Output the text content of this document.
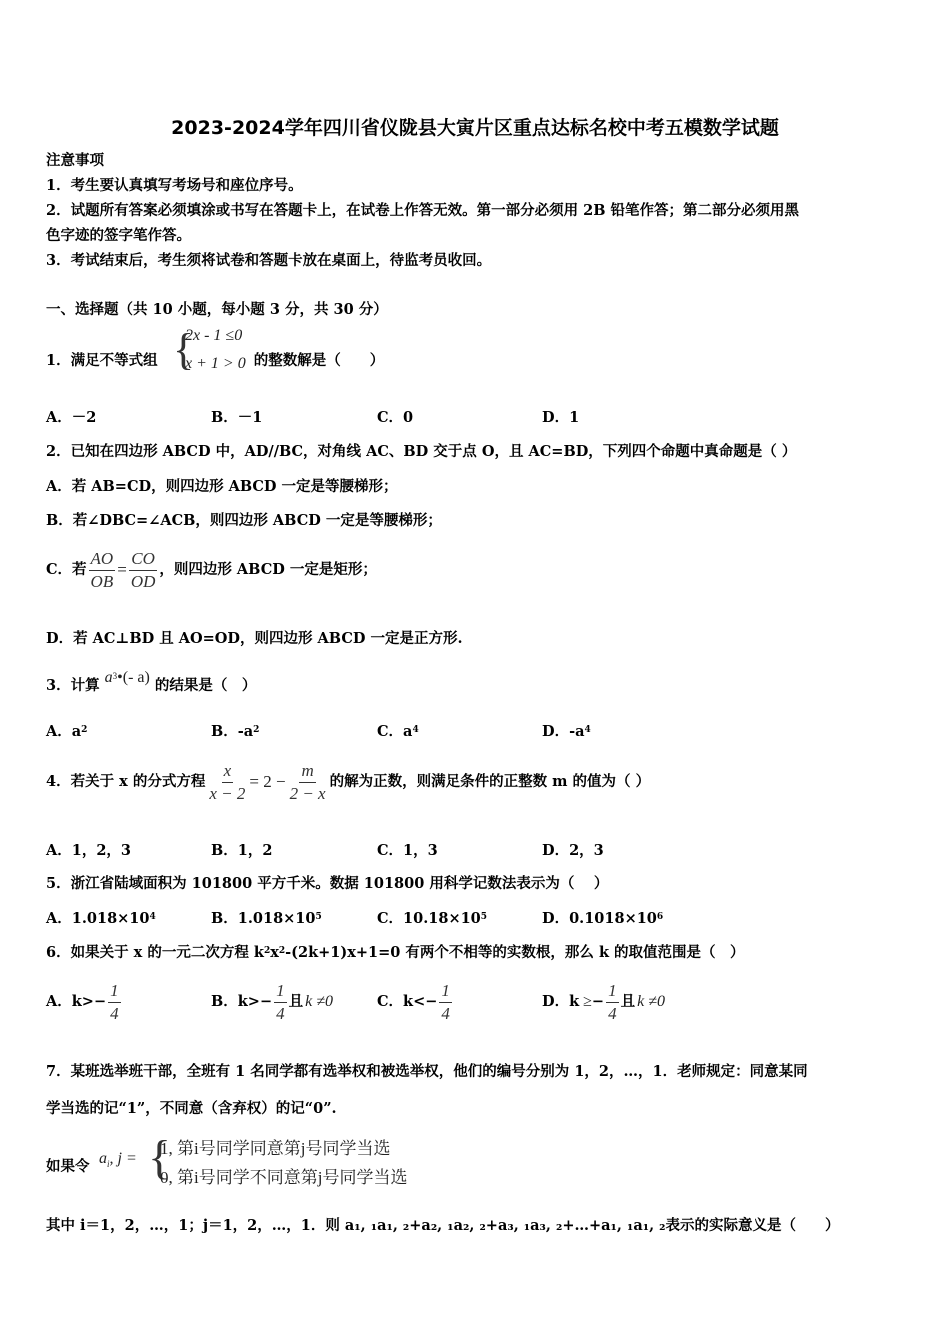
2023-2024学年四川省仪陇县大寅片区重点达标名校中考五模数学试题
注意事项
1．考生要认真填写考场号和座位序号。
2．试题所有答案必须填涂或书写在答题卡上，在试卷上作答无效。第一部分必须用 2B 铅笔作答；第二部分必须用黑
色字迹的签字笔作答。
3．考试结束后，考生须将试卷和答题卡放在桌面上，待监考员收回。
一、选择题（共 10 小题，每小题 3 分，共 30 分）
1．满足不等式组	的整数解是（　　）
{
2x - 1 ≤0
x + 1 > 0
A．－2	B．－1	C．0	D．1
2．已知在四边形 ABCD 中，AD//BC，对角线 AC、BD 交于点 O，且 AC=BD，下列四个命题中真命题是（ ）
A．若 AB=CD，则四边形 ABCD 一定是等腰梯形；
B．若∠DBC=∠ACB，则四边形 ABCD 一定是等腰梯形；
C．若 $\frac{AO}{OB} = \frac{CO}{OD}$ ，则四边形 ABCD 一定是矩形；
D．若 AC⊥BD 且 AO=OD，则四边形 ABCD 一定是正方形.
3．计算 $a^3•(-$ a) 的结果是（　）
A．$a^2$	B．$-a^2$	C．$a^4$	D．$-a^4$
4．若关于 x 的分式方程 $\frac{x}{x - 2} = 2 - \frac{m}{2 - x}$ 的解为正数，则满足条件的正整数 m 的值为（ ）
A．1，2，3	B．1，2	C．1，3	D．2，3
5．浙江省陆域面积为 101800 平方千米。数据 101800 用科学记数法表示为（　 ）
A．$1.018\times 10^4$	B．$1.018\times 10^5$	C．$10.18\times 10^5$	D．$0.1018\times 10^6$
6．如果关于 x 的一元二次方程 $k^2x^2-(2k+1)x+1=0$ 有两个不相等的实数根，那么 k 的取值范围是（　）
A．$k>- \frac{1}{4}$	B．$k>- \frac{1}{4}$ 且 k ≠0	C．$k<- \frac{1}{4}$	D．k ≥ − $\frac{1}{4}$ 且 k ≠0
7．某班选举班干部，全班有 1 名同学都有选举权和被选举权，他们的编号分别为 1，2，…，1．老师规定：同意某同
学当选的记“1”，不同意（含弃权）的记“0”.
如果令 $a_i$, j = {
1, 第i号同学同意第j号同学当选
0, 第i号同学不同意第j号同学当选
其中 i＝1，2，…，1；j＝1，2，…，1．则 a₁, ₁a₁, ₂+a₂, ₁a₂, ₂+a₃, ₁a₃, ₂+…+a₁, ₁a₁, ₂表示的实际意义是（　　）
